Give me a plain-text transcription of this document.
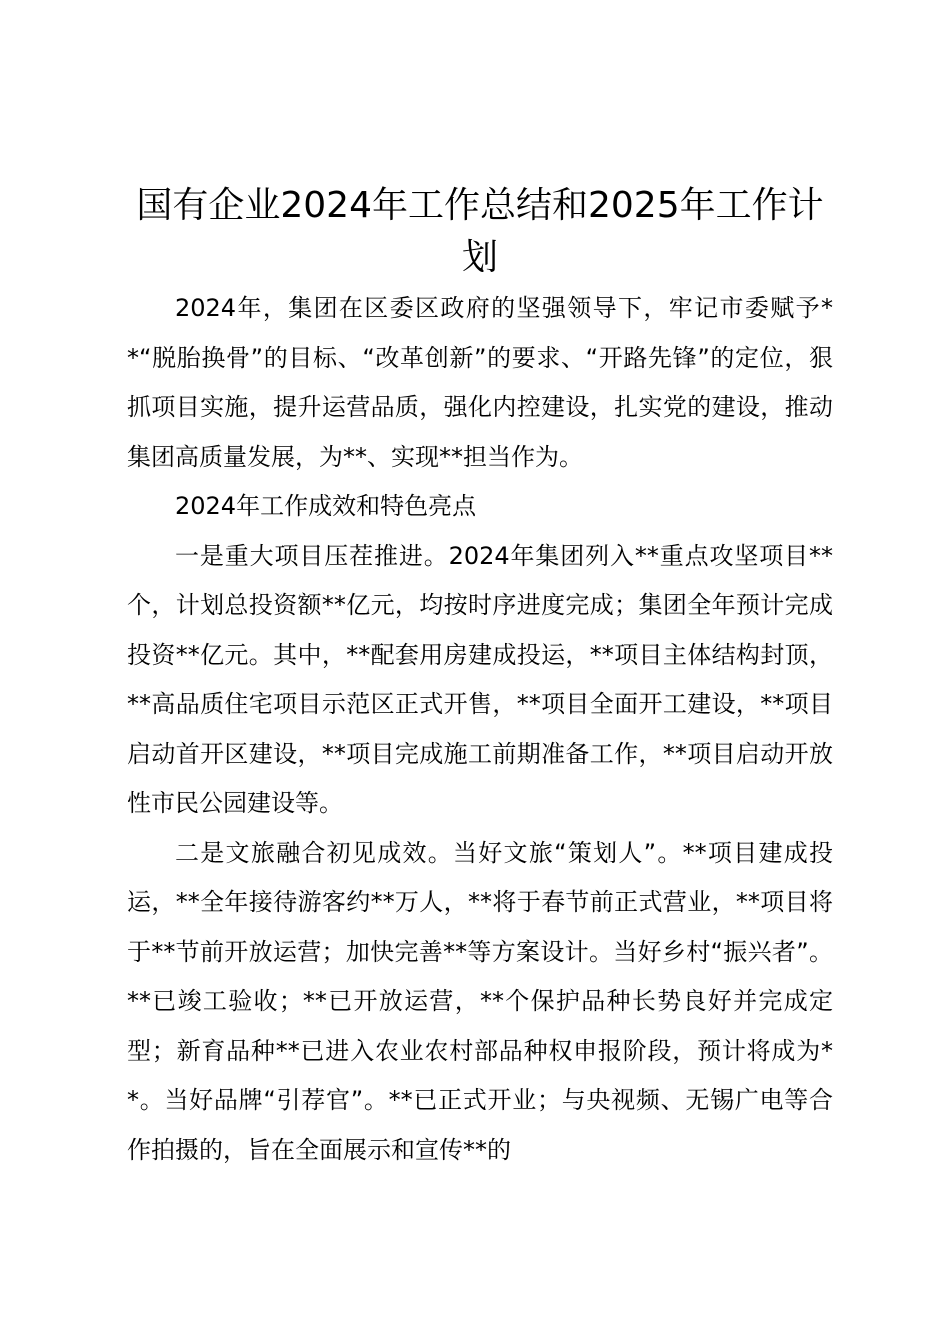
国有企业2024年工作总结和2025年工作计划

2024年，集团在区委区政府的坚强领导下，牢记市委赋予**“脱胎换骨”的目标、“改革创新”的要求、“开路先锋”的定位，狠抓项目实施，提升运营品质，强化内控建设，扎实党的建设，推动集团高质量发展，为**、实现**担当作为。

2024年工作成效和特色亮点

一是重大项目压茬推进。2024年集团列入**重点攻坚项目**个，计划总投资额**亿元，均按时序进度完成；集团全年预计完成投资**亿元。其中，**配套用房建成投运，**项目主体结构封顶，**高品质住宅项目示范区正式开售，**项目全面开工建设，**项目启动首开区建设，**项目完成施工前期准备工作，**项目启动开放性市民公园建设等。

二是文旅融合初见成效。当好文旅“策划人”。**项目建成投运，**全年接待游客约**万人，**将于春节前正式营业，**项目将于**节前开放运营；加快完善**等方案设计。当好乡村“振兴者”。**已竣工验收；**已开放运营，**个保护品种长势良好并完成定型；新育品种**已进入农业农村部品种权申报阶段，预计将成为**。当好品牌“引荐官”。**已正式开业；与央视频、无锡广电等合作拍摄的，旨在全面展示和宣传**的
